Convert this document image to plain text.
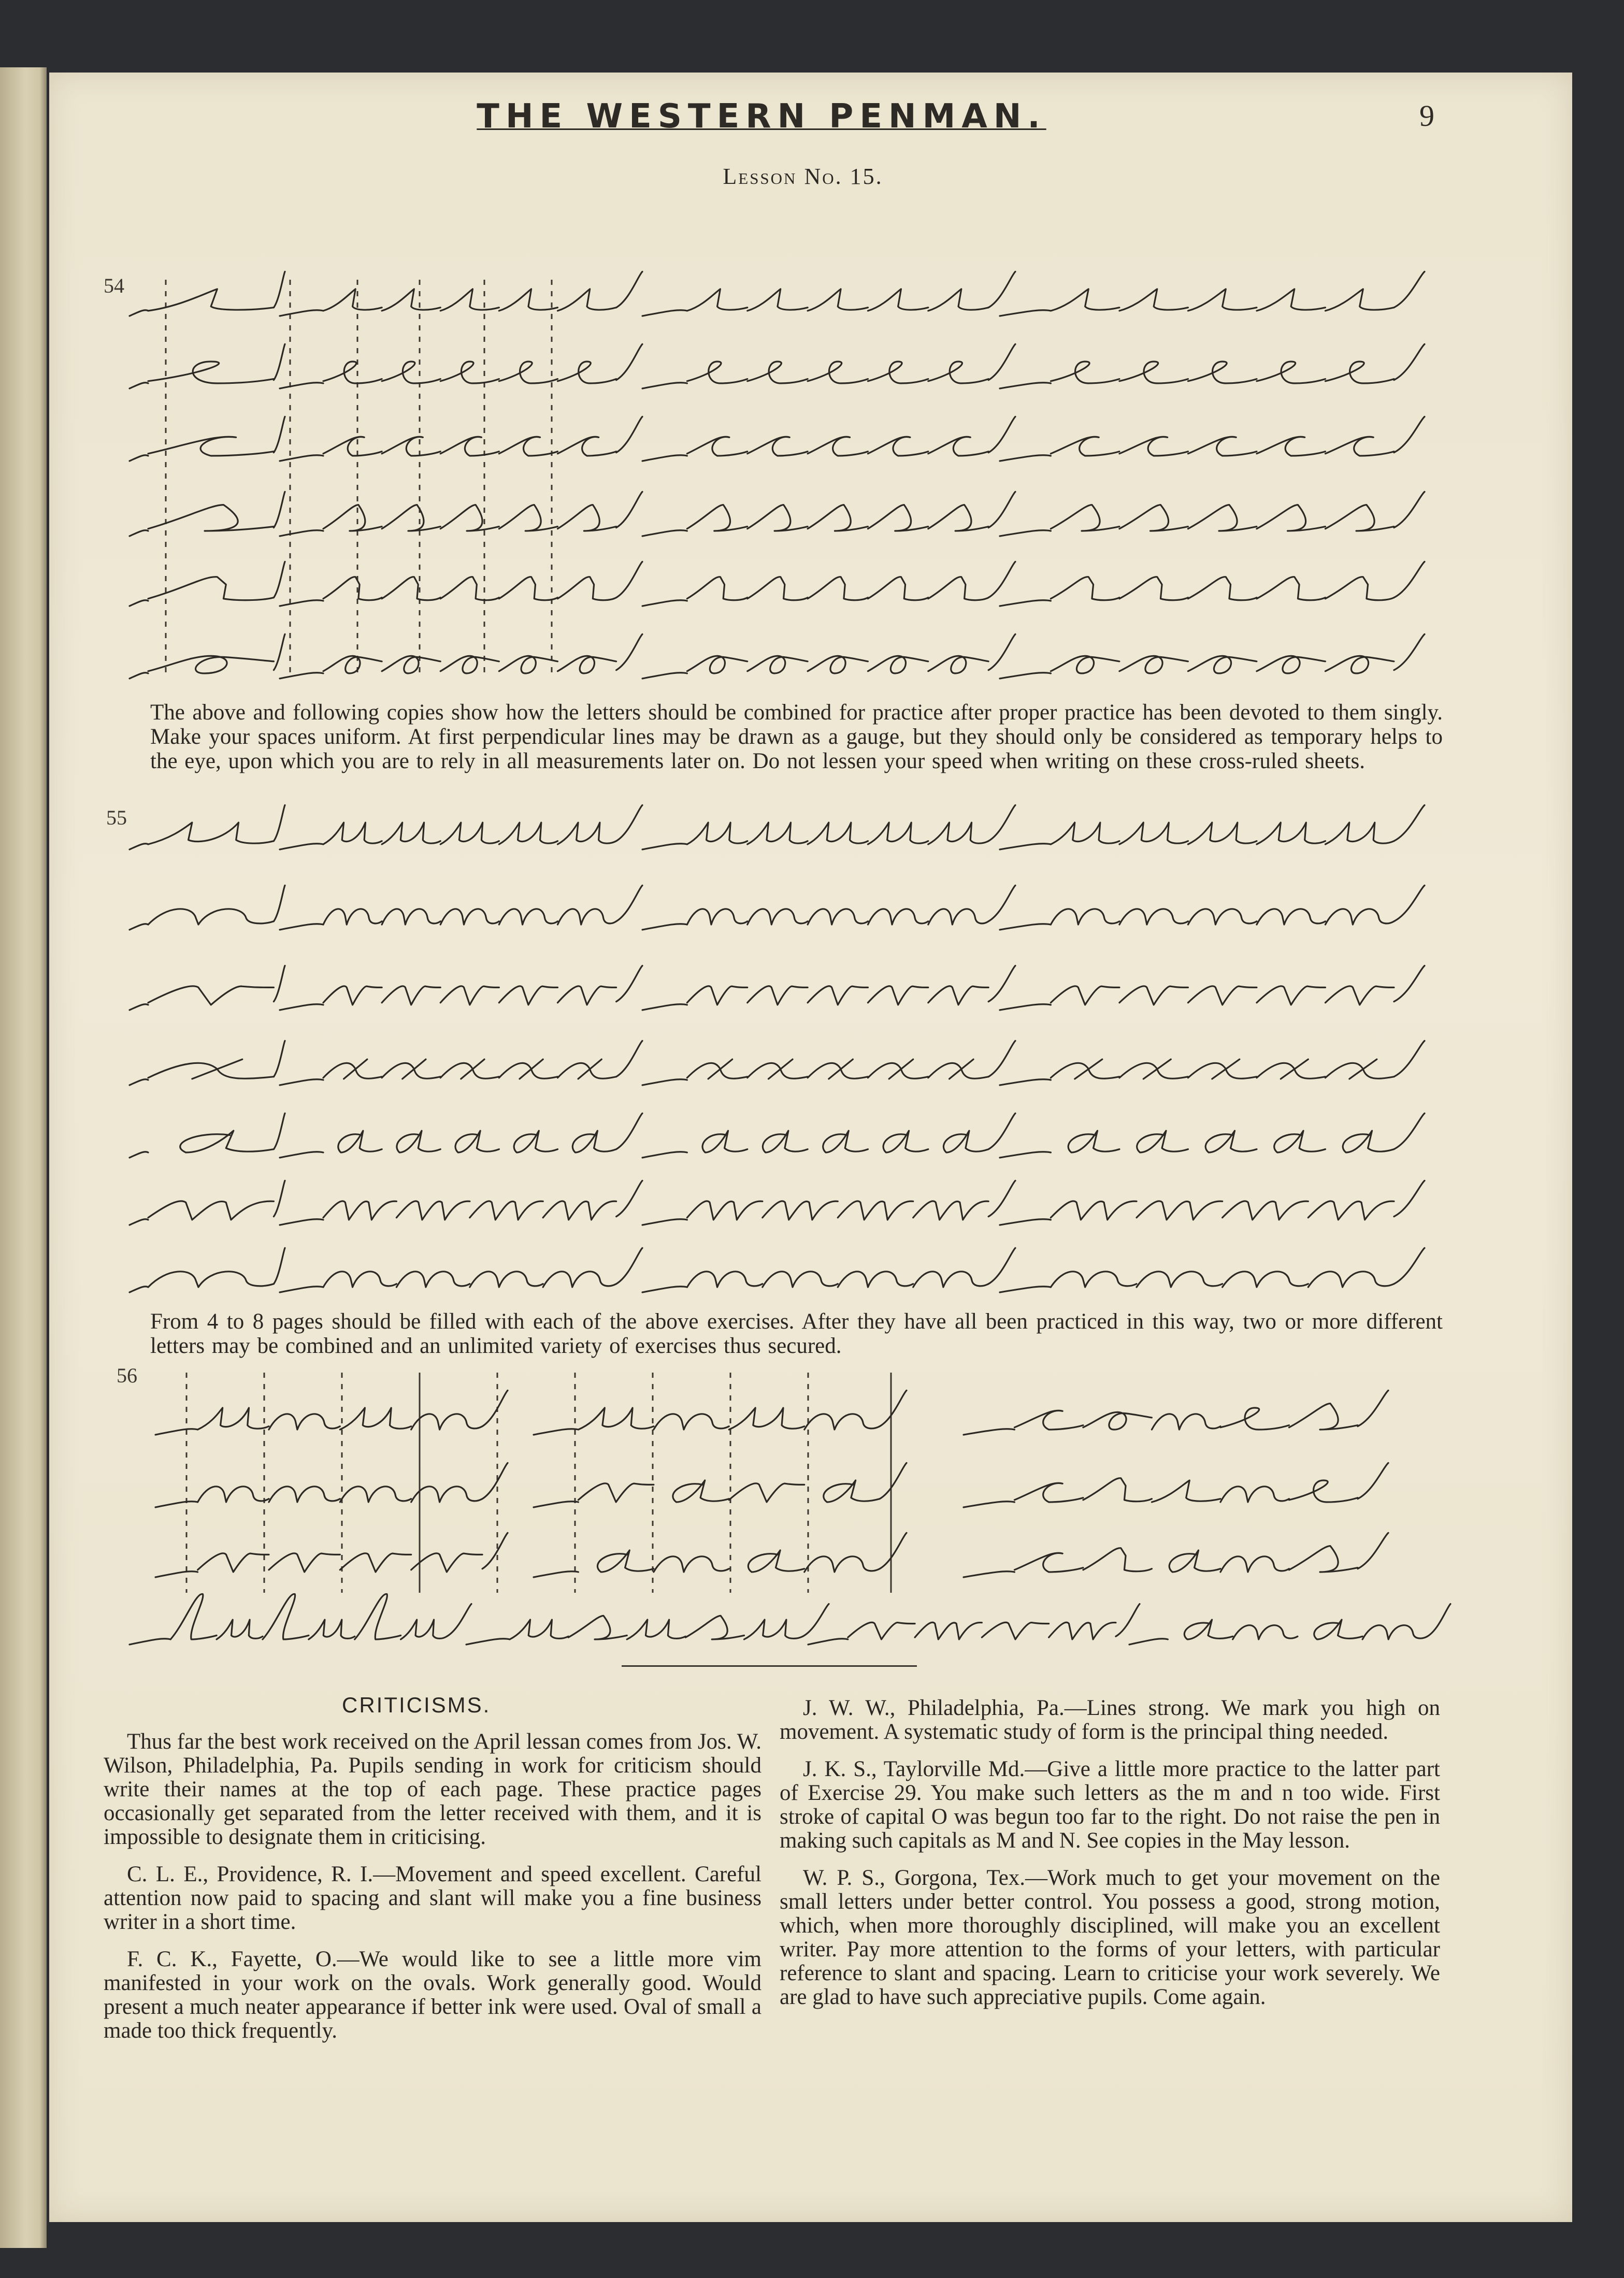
THE WESTERN PENMAN.	9
Lesson No. 15.
54
55
56

The above and following copies show how the letters should be combined for practice after proper practice has been devoted to them singly. Make your spaces uniform. At first perpendicular lines may be drawn as a gauge, but they should only be considered as temporary helps to the eye, upon which you are to rely in all measurements later on. Do not lessen your speed when writing on these cross-ruled sheets.

From 4 to 8 pages should be filled with each of the above exercises. After they have all been practiced in this way, two or more different letters may be combined and an unlimited variety of exercises thus secured.

CRITICISMS.

Thus far the best work received on the April lessan comes from Jos. W. Wilson, Philadelphia, Pa. Pupils sending in work for criticism should write their names at the top of each page. These practice pages occasionally get separated from the letter received with them, and it is impossible to designate them in criticising.

C. L. E., Providence, R. I.—Movement and speed excellent. Careful attention now paid to spacing and slant will make you a fine business writer in a short time.

F. C. K., Fayette, O.—We would like to see a little more vim manifested in your work on the ovals. Work generally good. Would present a much neater appearance if better ink were used. Oval of small a made too thick frequently.

J. W. W., Philadelphia, Pa.—Lines strong. We mark you high on movement. A systematic study of form is the principal thing needed.

J. K. S., Taylorville Md.—Give a little more practice to the latter part of Exercise 29. You make such letters as the m and n too wide. First stroke of capital O was begun too far to the right. Do not raise the pen in making such capitals as M and N. See copies in the May lesson.

W. P. S., Gorgona, Tex.—Work much to get your movement on the small letters under better control. You possess a good, strong motion, which, when more thoroughly disciplined, will make you an excellent writer. Pay more attention to the forms of your letters, with particular reference to slant and spacing. Learn to criticise your work severely. We are glad to have such appreciative pupils. Come again.
